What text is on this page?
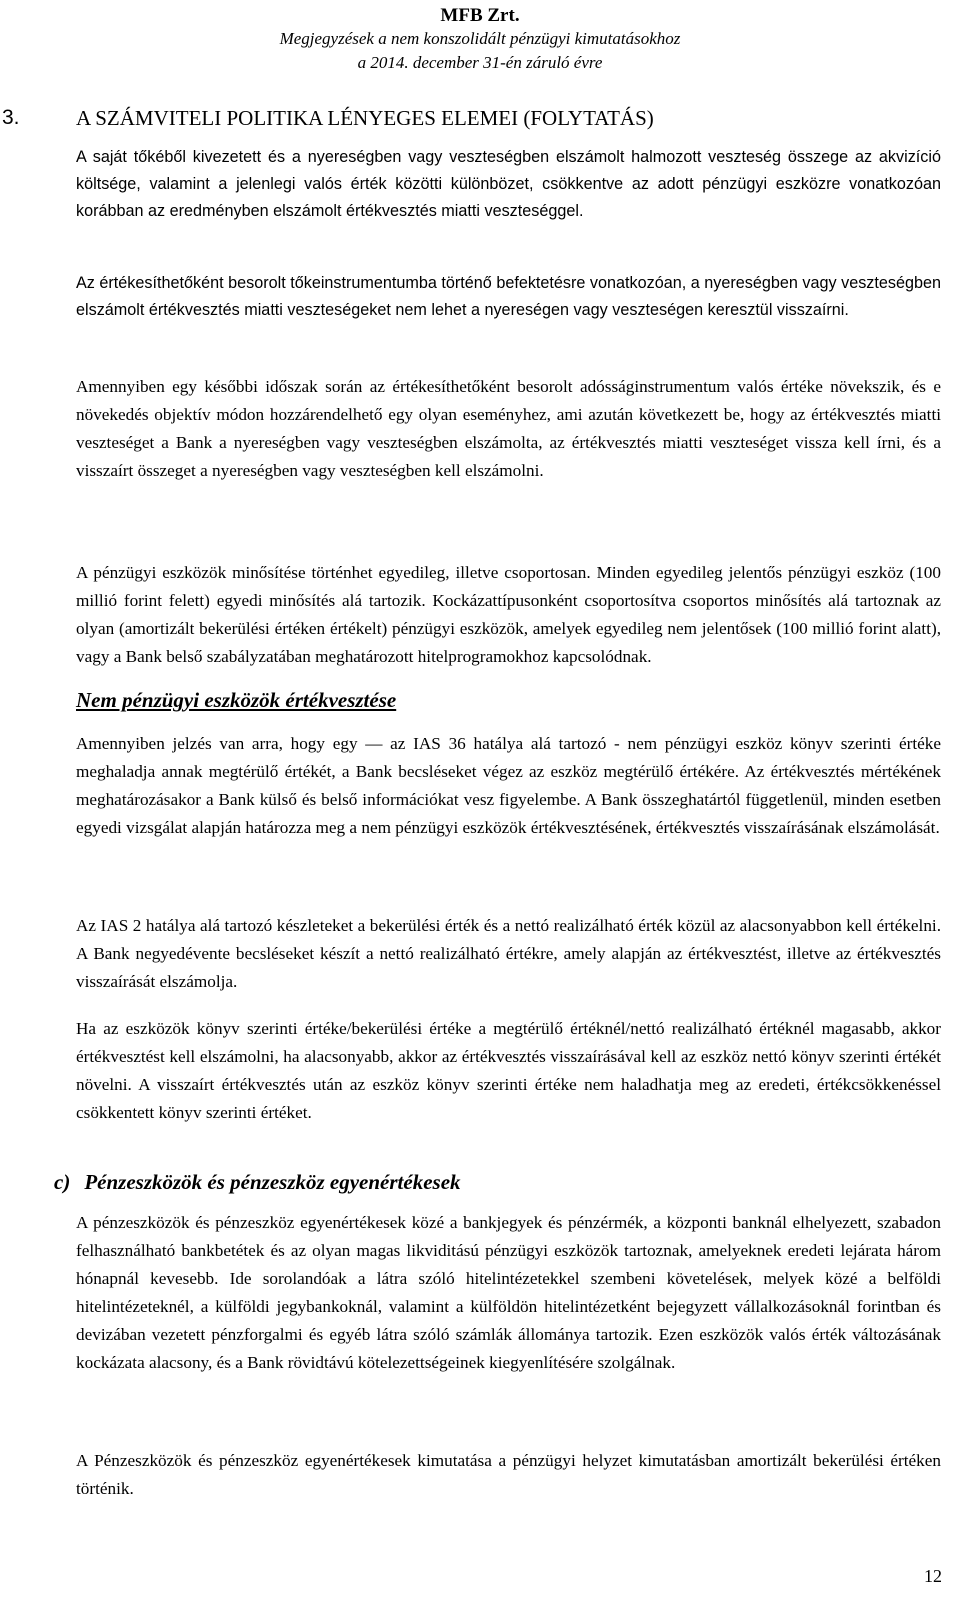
MFB Zrt.
Megjegyzések a nem konszolidált pénzügyi kimutatásokhoz
a 2014. december 31-én záruló évre
3.	A SZÁMVITELI POLITIKA LÉNYEGES ELEMEI (FOLYTATÁS)

A saját tőkéből kivezetett és a nyereségben vagy veszteségben elszámolt halmozott veszteség összege az akvizíció költsége, valamint a jelenlegi valós érték közötti különbözet, csökkentve az adott pénzügyi eszközre vonatkozóan korábban az eredményben elszámolt értékvesztés miatti veszteséggel.

Az értékesíthetőként besorolt tőkeinstrumentumba történő befektetésre vonatkozóan, a nyereségben vagy veszteségben elszámolt értékvesztés miatti veszteségeket nem lehet a nyereségen vagy veszteségen keresztül visszaírni.

Amennyiben egy későbbi időszak során az értékesíthetőként besorolt adósságinstrumentum valós értéke növekszik, és e növekedés objektív módon hozzárendelhető egy olyan eseményhez, ami azután következett be, hogy az értékvesztés miatti veszteséget a Bank a nyereségben vagy veszteségben elszámolta, az értékvesztés miatti veszteséget vissza kell írni, és a visszaírt összeget a nyereségben vagy veszteségben kell elszámolni.

A pénzügyi eszközök minősítése történhet egyedileg, illetve csoportosan. Minden egyedileg jelentős pénzügyi eszköz (100 millió forint felett) egyedi minősítés alá tartozik. Kockázattípusonként csoportosítva csoportos minősítés alá tartoznak az olyan (amortizált bekerülési értéken értékelt) pénzügyi eszközök, amelyek egyedileg nem jelentősek (100 millió forint alatt), vagy a Bank belső szabályzatában meghatározott hitelprogramokhoz kapcsolódnak.

Nem pénzügyi eszközök értékvesztése

Amennyiben jelzés van arra, hogy egy — az IAS 36 hatálya alá tartozó - nem pénzügyi eszköz könyv szerinti értéke meghaladja annak megtérülő értékét, a Bank becsléseket végez az eszköz megtérülő értékére. Az értékvesztés mértékének meghatározásakor a Bank külső és belső információkat vesz figyelembe. A Bank összeghatártól függetlenül, minden esetben egyedi vizsgálat alapján határozza meg a nem pénzügyi eszközök értékvesztésének, értékvesztés visszaírásának elszámolását.

Az IAS 2 hatálya alá tartozó készleteket a bekerülési érték és a nettó realizálható érték közül az alacsonyabbon kell értékelni. A Bank negyedévente becsléseket készít a nettó realizálható értékre, amely alapján az értékvesztést, illetve az értékvesztés visszaírását elszámolja.

Ha az eszközök könyv szerinti értéke/bekerülési értéke a megtérülő értéknél/nettó realizálható értéknél magasabb, akkor értékvesztést kell elszámolni, ha alacsonyabb, akkor az értékvesztés visszaírásával kell az eszköz nettó könyv szerinti értékét növelni. A visszaírt értékvesztés után az eszköz könyv szerinti értéke nem haladhatja meg az eredeti, értékcsökkenéssel csökkentett könyv szerinti értéket.

c) Pénzeszközök és pénzeszköz egyenértékesek

A pénzeszközök és pénzeszköz egyenértékesek közé a bankjegyek és pénzérmék, a központi banknál elhelyezett, szabadon felhasználható bankbetétek és az olyan magas likviditású pénzügyi eszközök tartoznak, amelyeknek eredeti lejárata három hónapnál kevesebb. Ide sorolandóak a látra szóló hitelintézetekkel szembeni követelések, melyek közé a belföldi hitelintézeteknél, a külföldi jegybankoknál, valamint a külföldön hitelintézetként bejegyzett vállalkozásoknál forintban és devizában vezetett pénzforgalmi és egyéb látra szóló számlák állománya tartozik. Ezen eszközök valós érték változásának kockázata alacsony, és a Bank rövidtávú kötelezettségeinek kiegyenlítésére szolgálnak.

A Pénzeszközök és pénzeszköz egyenértékesek kimutatása a pénzügyi helyzet kimutatásban amortizált bekerülési értéken történik.

12
